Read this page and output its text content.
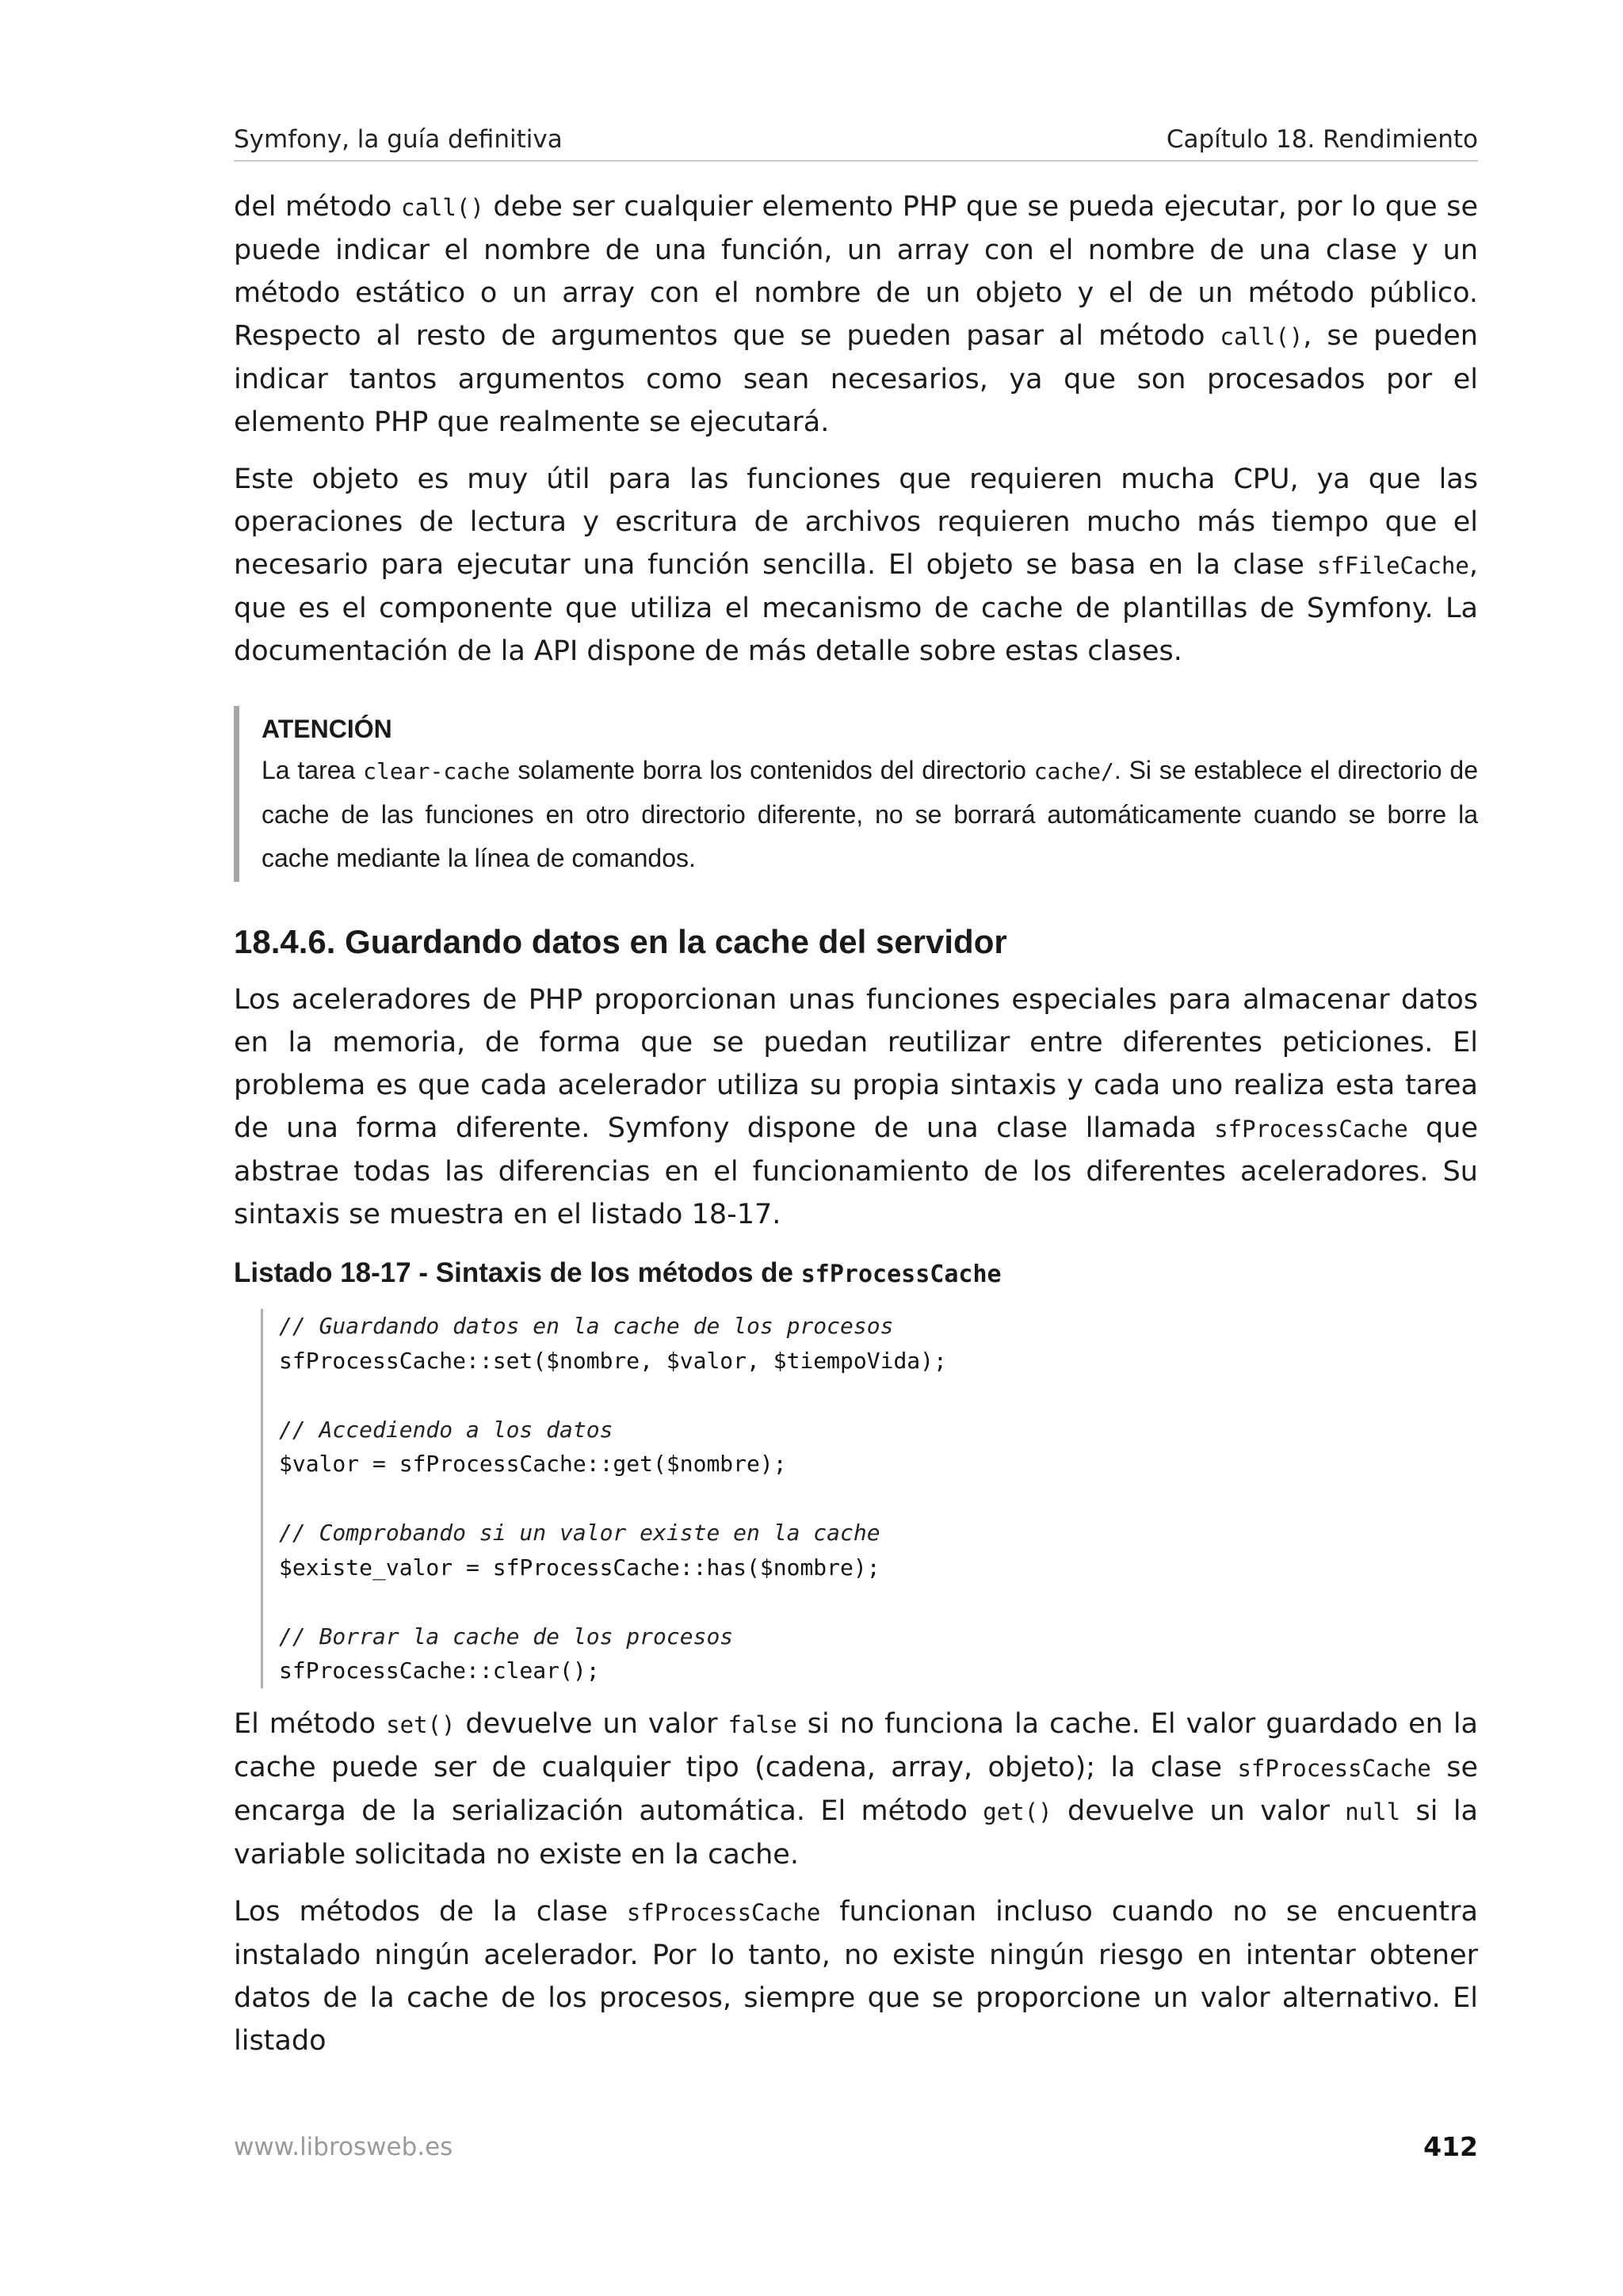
Symfony, la guía definitiva	Capítulo 18. Rendimiento

del método call() debe ser cualquier elemento PHP que se pueda ejecutar, por lo que se puede indicar el nombre de una función, un array con el nombre de una clase y un método estático o un array con el nombre de un objeto y el de un método público. Respecto al resto de argumentos que se pueden pasar al método call(), se pueden indicar tantos argumentos como sean necesarios, ya que son procesados por el elemento PHP que realmente se ejecutará.

Este objeto es muy útil para las funciones que requieren mucha CPU, ya que las operaciones de lectura y escritura de archivos requieren mucho más tiempo que el necesario para ejecutar una función sencilla. El objeto se basa en la clase sfFileCache, que es el componente que utiliza el mecanismo de cache de plantillas de Symfony. La documentación de la API dispone de más detalle sobre estas clases.

ATENCIÓN

La tarea clear-cache solamente borra los contenidos del directorio cache/. Si se establece el directorio de cache de las funciones en otro directorio diferente, no se borrará automáticamente cuando se borre la cache mediante la línea de comandos.

18.4.6. Guardando datos en la cache del servidor

Los aceleradores de PHP proporcionan unas funciones especiales para almacenar datos en la memoria, de forma que se puedan reutilizar entre diferentes peticiones. El problema es que cada acelerador utiliza su propia sintaxis y cada uno realiza esta tarea de una forma diferente. Symfony dispone de una clase llamada sfProcessCache que abstrae todas las diferencias en el funcionamiento de los diferentes aceleradores. Su sintaxis se muestra en el listado 18-17.

Listado 18-17 - Sintaxis de los métodos de sfProcessCache
// Guardando datos en la cache de los procesos
sfProcessCache::set($nombre, $valor, $tiempoVida);

// Accediendo a los datos
$valor = sfProcessCache::get($nombre);

// Comprobando si un valor existe en la cache
$existe_valor = sfProcessCache::has($nombre);

// Borrar la cache de los procesos
sfProcessCache::clear();

El método set() devuelve un valor false si no funciona la cache. El valor guardado en la cache puede ser de cualquier tipo (cadena, array, objeto); la clase sfProcessCache se encarga de la serialización automática. El método get() devuelve un valor null si la variable solicitada no existe en la cache.

Los métodos de la clase sfProcessCache funcionan incluso cuando no se encuentra instalado ningún acelerador. Por lo tanto, no existe ningún riesgo en intentar obtener datos de la cache de los procesos, siempre que se proporcione un valor alternativo. El listado

www.librosweb.es	412
